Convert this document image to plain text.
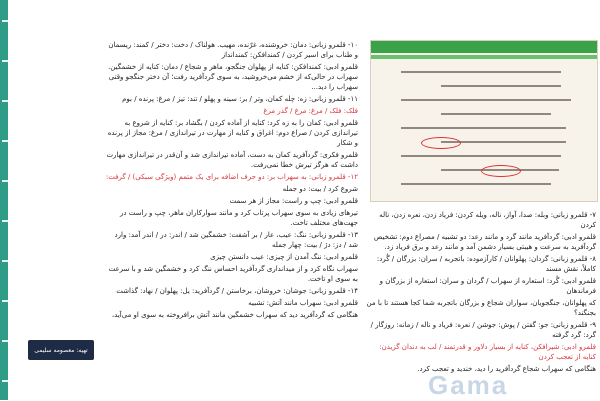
۱۰- قلمرو زبانی: دمان: خروشنده، غرّنده، مهیب. هولناک / دخت: دختر / کمند: ریسمان و طناب برای اسیر کردن / کمندافکن: کمندانداز

قلمرو ادبی: کمندافکن: کنایه از پهلوان جنگجو، ماهر و شجاع / دمان: کنایه از خشمگین. سهراب در حالی‌که از خشم می‌خروشید، به سوی گردآفرید رفت؛ آن دختر جنگجو وقتی سهراب را دید...

۱۱- قلمرو زبانی: زه: چله کمان، وتر / بر: سینه و پهلو / تند: تیز / مرغ: پرنده / بوم

فلک: فلک / مرغ: مرغ / گذر مرغ

قلمرو ادبی: کمان را به زه کرد: کنایه از آماده کردن / بگشاد بر: کنایه از شروع به تیراندازی کردن / صراع دوم: اغراق و کنایه از مهارت در تیراندازی / مرغ: مجاز از پرنده و شکار

قلمرو فکری: گردآفرید کمان به دست، آماده تیراندازی شد و آن‌قدر در تیراندازی مهارت داشت که هرگز تیرش خطا نمی‌رفت.

۱۲- قلمرو زبانی: به سهراب بر: دو حرف اضافه برای یک متمم (ویژگی سبکی) / گرفت:

شروع کرد / بیت: دو جمله

قلمرو ادبی: چپ و راست: مجاز از هر سمت

تیرهای زیادی به سوی سهراب پرتاب کرد و مانند سوارکاران ماهر، چپ و راست در جهت‌های مختلف تاخت.

۱۳- قلمرو زبانی: ننگ: عیب، عار / بر آشفت: خشمگین شد / اندر: در / اندر آمد: وارد شد / دز: دژ / بیت: چهار جمله

قلمرو ادبی: ننگ آمدن از چیزی: عیب دانستن چیزی

سهراب نگاه کرد و از میدانداری گردآفرید احساس ننگ کرد و خشمگین شد و با سرعت به سوی او تاخت.

۱۴- قلمرو زبانی: جوشان: خروشان، برخاستن / گردآفرید: یل: پهلوان / نهاد: گذاشت

قلمرو ادبی: سهراب مانند آتش: تشبیه

هنگامی که گردآفرید دید که سهراب خشمگین مانند آتش برافروخته به سوی او می‌آید،

۷- قلمرو زبانی: وبله: صدا، آواز، ناله، ویله کردن: فریاد زدن، نعره زدن، ناله کردن

قلمرو ادبی: گردآفرید مانند گرد و مانند رعد: دو تشبیه / مصراع دوم: تشخیص گردآفرید به سرعت و هیبتی بسیار دشمن آمد و مانند رعد و برق فریاد زد.

۸- قلمرو زبانی: گردان: پهلوانان / کارآزموده: باتجربه / سران: بزرگان / گُرد: کاملاً، نقش مسند

قلمرو ادبی: گُرد: استعاره از سهراب / گردان و سران: استعاره از بزرگان و فرماندهان

که پهلوانان، جنگجویان، سواران شجاع و بزرگان باتجربه شما کجا هستند تا با من بجنگند؟

۹- قلمرو زبانی: جو: گفتن / پوش: جوشن / نعره: فریاد و ناله / زمانه: روزگار / گرد: گرد گرفته

قلمرو ادبی: شیرافکن، کنایه از بسیار دلاور و قدرتمند / لب به دندان گزیدن: کنایه از تعجب کردن

هنگامی که سهراب شجاع گردآفرید را دید، خندید و تعجب کرد.

تهیه: معصومه سلیمی
Gama
